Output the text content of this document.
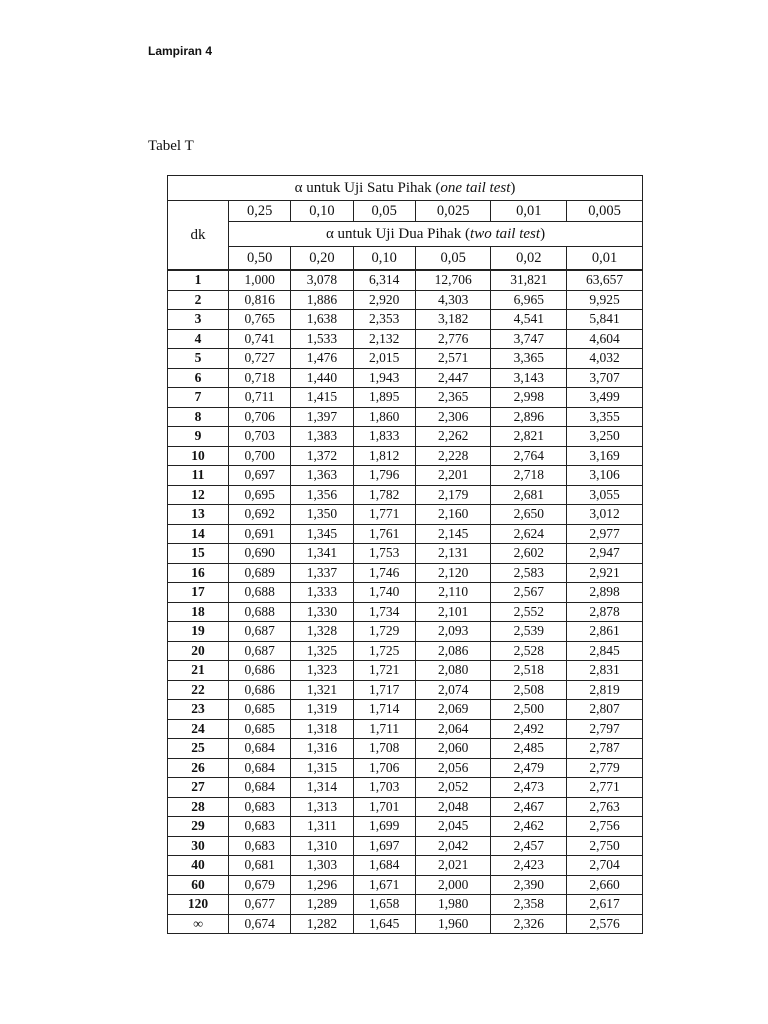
Lampiran 4
Tabel T
α untuk Uji Satu Pihak (one tail test)						
dk	0,25	0,10	0,05	0,025	0,01	0,005
	α untuk Uji Dua Pihak (two tail test)					
	0,50	0,20	0,10	0,05	0,02	0,01
1	1,000	3,078	6,314	12,706	31,821	63,657
2	0,816	1,886	2,920	4,303	6,965	9,925
3	0,765	1,638	2,353	3,182	4,541	5,841
4	0,741	1,533	2,132	2,776	3,747	4,604
5	0,727	1,476	2,015	2,571	3,365	4,032
6	0,718	1,440	1,943	2,447	3,143	3,707
7	0,711	1,415	1,895	2,365	2,998	3,499
8	0,706	1,397	1,860	2,306	2,896	3,355
9	0,703	1,383	1,833	2,262	2,821	3,250
10	0,700	1,372	1,812	2,228	2,764	3,169
11	0,697	1,363	1,796	2,201	2,718	3,106
12	0,695	1,356	1,782	2,179	2,681	3,055
13	0,692	1,350	1,771	2,160	2,650	3,012
14	0,691	1,345	1,761	2,145	2,624	2,977
15	0,690	1,341	1,753	2,131	2,602	2,947
16	0,689	1,337	1,746	2,120	2,583	2,921
17	0,688	1,333	1,740	2,110	2,567	2,898
18	0,688	1,330	1,734	2,101	2,552	2,878
19	0,687	1,328	1,729	2,093	2,539	2,861
20	0,687	1,325	1,725	2,086	2,528	2,845
21	0,686	1,323	1,721	2,080	2,518	2,831
22	0,686	1,321	1,717	2,074	2,508	2,819
23	0,685	1,319	1,714	2,069	2,500	2,807
24	0,685	1,318	1,711	2,064	2,492	2,797
25	0,684	1,316	1,708	2,060	2,485	2,787
26	0,684	1,315	1,706	2,056	2,479	2,779
27	0,684	1,314	1,703	2,052	2,473	2,771
28	0,683	1,313	1,701	2,048	2,467	2,763
29	0,683	1,311	1,699	2,045	2,462	2,756
30	0,683	1,310	1,697	2,042	2,457	2,750
40	0,681	1,303	1,684	2,021	2,423	2,704
60	0,679	1,296	1,671	2,000	2,390	2,660
120	0,677	1,289	1,658	1,980	2,358	2,617
∞	0,674	1,282	1,645	1,960	2,326	2,576
